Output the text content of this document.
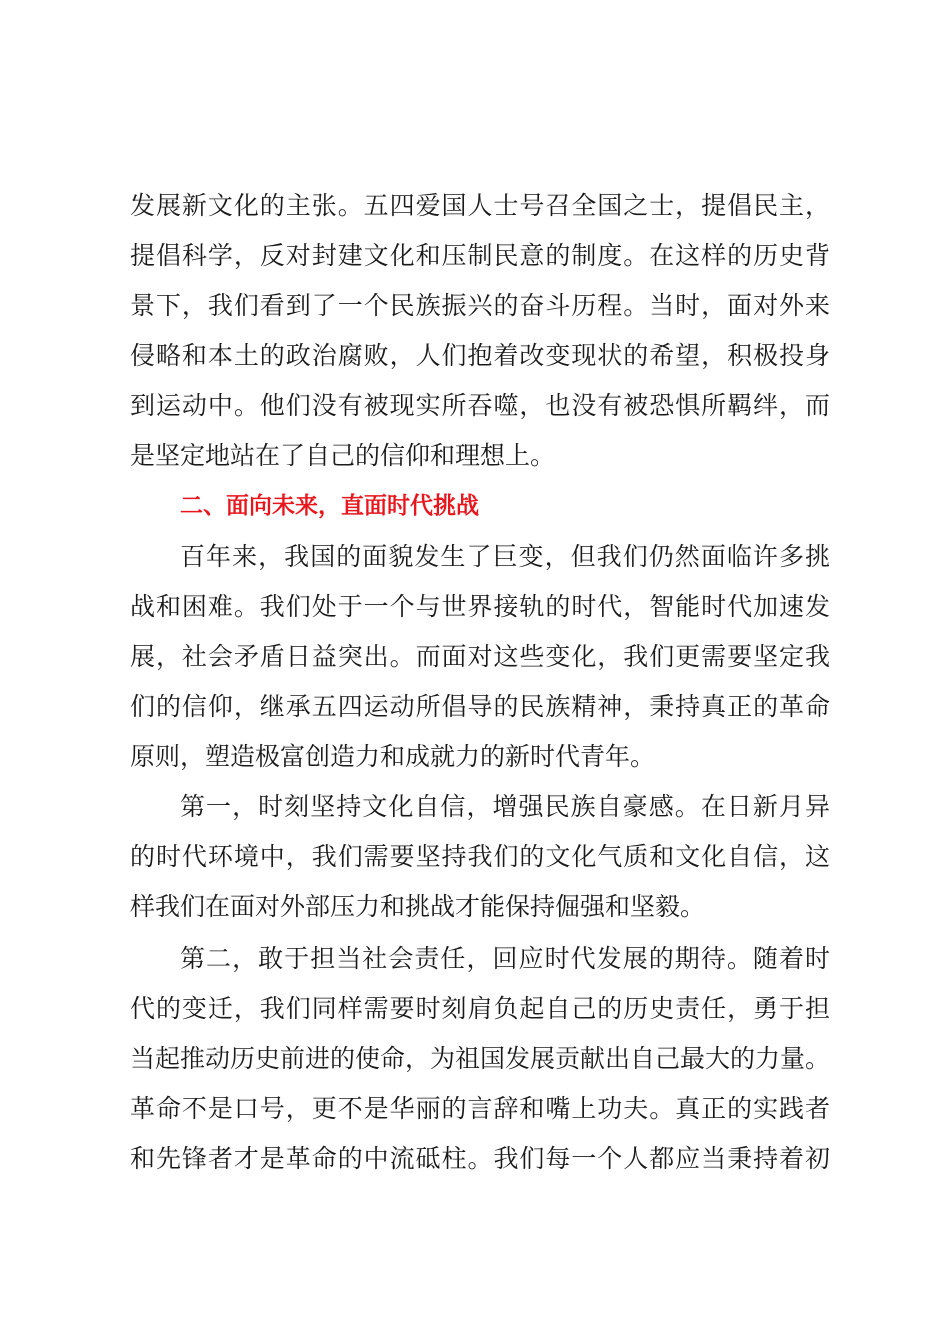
发展新文化的主张。五四爱国人士号召全国之士，提倡民主，
提倡科学，反对封建文化和压制民意的制度。在这样的历史背
景下，我们看到了一个民族振兴的奋斗历程。当时，面对外来
侵略和本土的政治腐败，人们抱着改变现状的希望，积极投身
到运动中。他们没有被现实所吞噬，也没有被恐惧所羁绊，而
是坚定地站在了自己的信仰和理想上。
二、面向未来，直面时代挑战
百年来，我国的面貌发生了巨变，但我们仍然面临许多挑
战和困难。我们处于一个与世界接轨的时代，智能时代加速发
展，社会矛盾日益突出。而面对这些变化，我们更需要坚定我
们的信仰，继承五四运动所倡导的民族精神，秉持真正的革命
原则，塑造极富创造力和成就力的新时代青年。
第一，时刻坚持文化自信，增强民族自豪感。在日新月异
的时代环境中，我们需要坚持我们的文化气质和文化自信，这
样我们在面对外部压力和挑战才能保持倔强和坚毅。
第二，敢于担当社会责任，回应时代发展的期待。随着时
代的变迁，我们同样需要时刻肩负起自己的历史责任，勇于担
当起推动历史前进的使命，为祖国发展贡献出自己最大的力量。
革命不是口号，更不是华丽的言辞和嘴上功夫。真正的实践者
和先锋者才是革命的中流砥柱。我们每一个人都应当秉持着初
